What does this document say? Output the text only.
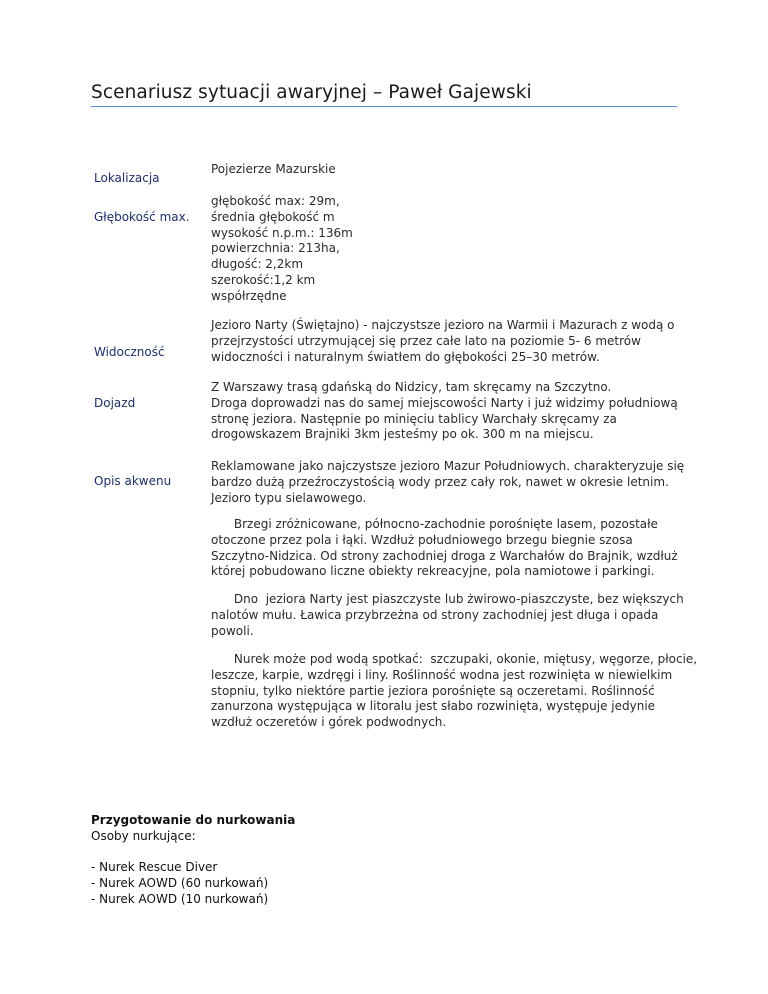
Scenariusz sytuacji awaryjnej – Paweł Gajewski
Lokalizacja
Pojezierze Mazurskie
Głębokość max.
głębokość max: 29m,
średnia głębokość m
wysokość n.p.m.: 136m
powierzchnia: 213ha,
długość: 2,2km
szerokość:1,2 km
współrzędne
Widoczność
Jezioro Narty (Świętajno) - najczystsze jezioro na Warmii i Mazurach z wodą o
przejrzystości utrzymującej się przez całe lato na poziomie 5- 6 metrów
widoczności i naturalnym światłem do głębokości 25–30 metrów.
Dojazd
Z Warszawy trasą gdańską do Nidzicy, tam skręcamy na Szczytno.
Droga doprowadzi nas do samej miejscowości Narty i już widzimy południową
stronę jeziora. Następnie po minięciu tablicy Warchały skręcamy za
drogowskazem Brajniki 3km jesteśmy po ok. 300 m na miejscu.
Opis akwenu
Reklamowane jako najczystsze jezioro Mazur Południowych. charakteryzuje się
bardzo dużą przeźroczystością wody przez cały rok, nawet w okresie letnim.
Jezioro typu sielawowego.
Brzegi zróżnicowane, północno-zachodnie porośnięte lasem, pozostałe
otoczone przez pola i łąki. Wzdłuż południowego brzegu biegnie szosa
Szczytno-Nidzica. Od strony zachodniej droga z Warchałów do Brajnik, wzdłuż
której pobudowano liczne obiekty rekreacyjne, pola namiotowe i parkingi.
Dno  jeziora Narty jest piaszczyste lub żwirowo-piaszczyste, bez większych
nalotów mułu. Ławica przybrzeżna od strony zachodniej jest długa i opada
powoli.
Nurek może pod wodą spotkać:  szczupaki, okonie, miętusy, węgorze, płocie,
leszcze, karpie, wzdręgi i liny. Roślinność wodna jest rozwinięta w niewielkim
stopniu, tylko niektóre partie jeziora porośnięte są oczeretami. Roślinność
zanurzona występująca w litoralu jest słabo rozwinięta, występuje jedynie
wzdłuż oczeretów i górek podwodnych.
Przygotowanie do nurkowania
Osoby nurkujące:
- Nurek Rescue Diver
- Nurek AOWD (60 nurkowań)
- Nurek AOWD (10 nurkowań)
